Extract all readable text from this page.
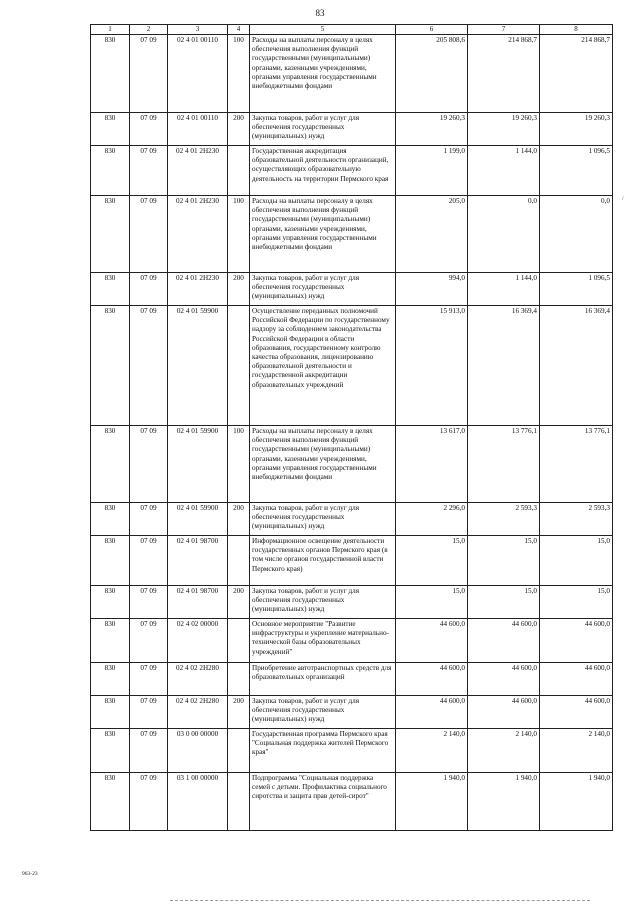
83
1	2	3	4	5	6	7	8
830	07 09	02 4 01 00110	100	Расходы на выплаты персоналу в целях обеспечения выполнения функций государственными (муниципальными) органами, казенными учреждениями, органами управления государственными внебюджетными фондами	205 808,6	214 868,7	214 868,7
830	07 09	02 4 01 00110	200	Закупка товаров, работ и услуг для обеспечения государственных (муниципальных) нужд	19 260,3	19 260,3	19 260,3
830	07 09	02 4 01 2Н230		Государственная аккредитация образовательной деятельности организаций, осуществляющих образовательную деятельность на территории Пермского края	1 199,0	1 144,0	1 096,5
830	07 09	02 4 01 2Н230	100	Расходы на выплаты персоналу в целях обеспечения выполнения функций государственными (муниципальными) органами, казенными учреждениями, органами управления государственными внебюджетными фондами	205,0	0,0	0,0
830	07 09	02 4 01 2Н230	200	Закупка товаров, работ и услуг для обеспечения государственных (муниципальных) нужд	994,0	1 144,0	1 096,5
830	07 09	02 4 01 59900		Осуществление переданных полномочий Российской Федерации по государственному надзору за соблюдением законодательства Российской Федерации в области образования, государственному контролю качества образования, лицензированию образовательной деятельности и государственной аккредитации образовательных учреждений	15 913,0	16 369,4	16 369,4
830	07 09	02 4 01 59900	100	Расходы на выплаты персоналу в целях обеспечения выполнения функций государственными (муниципальными) органами, казенными учреждениями, органами управления государственными внебюджетными фондами	13 617,0	13 776,1	13 776,1
830	07 09	02 4 01 59900	200	Закупка товаров, работ и услуг для обеспечения государственных (муниципальных) нужд	2 296,0	2 593,3	2 593,3
830	07 09	02 4 01 98700		Информационное освещение деятельности государственных органов Пермского края (в том числе органов государственной власти Пермского края)	15,0	15,0	15,0
830	07 09	02 4 01 98700	200	Закупка товаров, работ и услуг для обеспечения государственных (муниципальных) нужд	15,0	15,0	15,0
830	07 09	02 4 02 00000		Основное мероприятие "Развитие инфраструктуры и укрепление материально-технической базы образовательных учреждений"	44 600,0	44 600,0	44 600,0
830	07 09	02 4 02 2Н280		Приобретение автотранспортных средств для образовательных организаций	44 600,0	44 600,0	44 600,0
830	07 09	02 4 02 2Н280	200	Закупка товаров, работ и услуг для обеспечения государственных (муниципальных) нужд	44 600,0	44 600,0	44 600,0
830	07 09	03 0 00 00000		Государственная программа Пермского края "Социальная поддержка жителей Пермского края"	2 140,0	2 140,0	2 140,0
830	07 09	03 1 00 00000		Подпрограмма "Социальная поддержка семей с детьми. Профилактика социального сиротства и защита прав детей-сирот"	1 940,0	1 940,0	1 940,0
/
963-23
